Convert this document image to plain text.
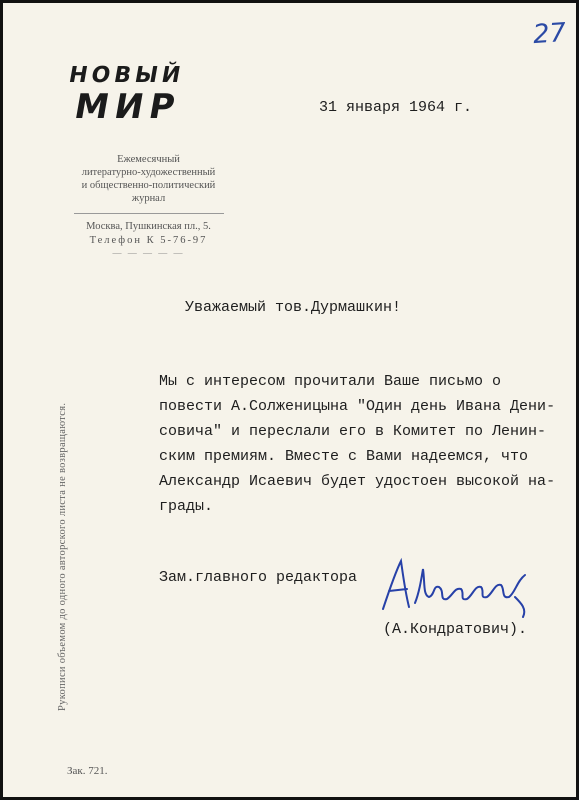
27
НОВЫЙ
МИР
Ежемесячный
литературно-художественный
и общественно-политический
журнал
Москва, Пушкинская пл., 5.
Телефон К 5-76-97
— — — — —
31 января 1964 г.
Уважаемый тов.Дурмашкин!
Мы с интересом прочитали Ваше письмо о
повести А.Солженицына "Один день Ивана Дени-
совича" и переслали его в Комитет по Ленин-
ским премиям. Вместе с Вами надеемся, что
Александр Исаевич будет удостоен высокой на-
грады.
Зам.главного редактора
(А.Кондратович).
Рукописи объемом до одного авторского листа не возвращаются.
Зак. 721.
